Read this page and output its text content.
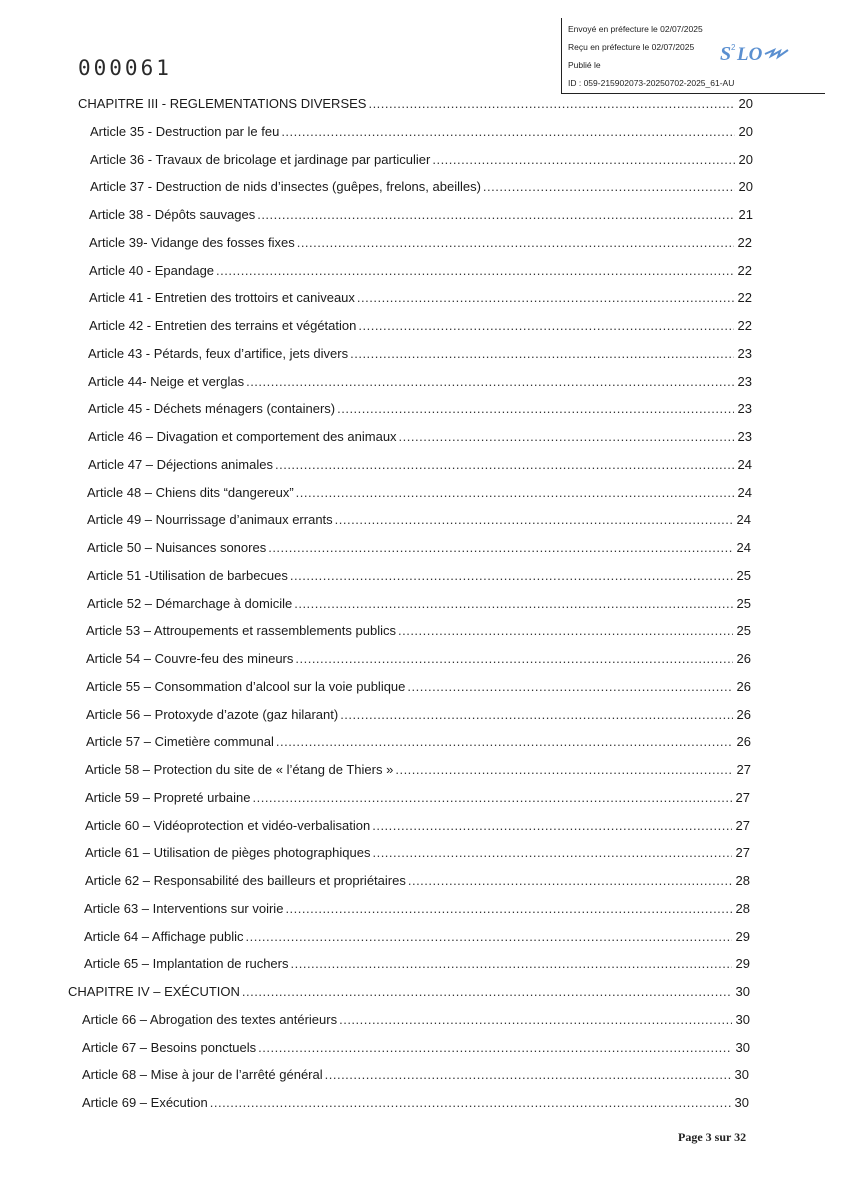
000061
Envoyé en préfecture le 02/07/2025
Reçu en préfecture le 02/07/2025
Publié le
ID : 059-215902073-20250702-2025_61-AU
S 2 LO
CHAPITRE III - REGLEMENTATIONS DIVERSES .....	20
Article 35 - Destruction par le feu .....	20
Article 36 - Travaux de bricolage et jardinage par particulier .....	20
Article 37 - Destruction de nids d’insectes (guêpes, frelons, abeilles) .....	20
Article 38 - Dépôts sauvages .....	21
Article 39- Vidange des fosses fixes .....	22
Article 40 - Epandage .....	22
Article 41 - Entretien des trottoirs et caniveaux .....	22
Article 42 - Entretien des terrains et végétation .....	22
Article 43 - Pétards, feux d’artifice, jets divers .....	23
Article 44- Neige et verglas .....	23
Article 45 - Déchets ménagers (containers) .....	23
Article 46 – Divagation et comportement des animaux .....	23
Article 47 – Déjections animales .....	24
Article 48 – Chiens dits “dangereux” .....	24
Article 49 – Nourrissage d’animaux errants .....	24
Article 50 – Nuisances sonores .....	24
Article 51 -Utilisation de barbecues .....	25
Article 52 – Démarchage à domicile .....	25
Article 53 – Attroupements et rassemblements publics .....	25
Article 54 – Couvre-feu des mineurs .....	26
Article 55 – Consommation d’alcool sur la voie publique .....	26
Article 56 – Protoxyde d’azote (gaz hilarant) .....	26
Article 57 – Cimetière communal .....	26
Article 58 – Protection du site de « l’étang de Thiers » .....	27
Article 59 – Propreté urbaine .....	27
Article 60 – Vidéoprotection et vidéo-verbalisation .....	27
Article 61 – Utilisation de pièges photographiques .....	27
Article 62 – Responsabilité des bailleurs et propriétaires .....	28
Article 63 – Interventions sur voirie .....	28
Article 64 – Affichage public .....	29
Article 65 – Implantation de ruchers .....	29
CHAPITRE IV – EXÉCUTION .....	30
Article 66 – Abrogation des textes antérieurs .....	30
Article 67 – Besoins ponctuels .....	30
Article 68 – Mise à jour de l’arrêté général .....	30
Article 69 – Exécution .....	30
Page 3 sur 32
